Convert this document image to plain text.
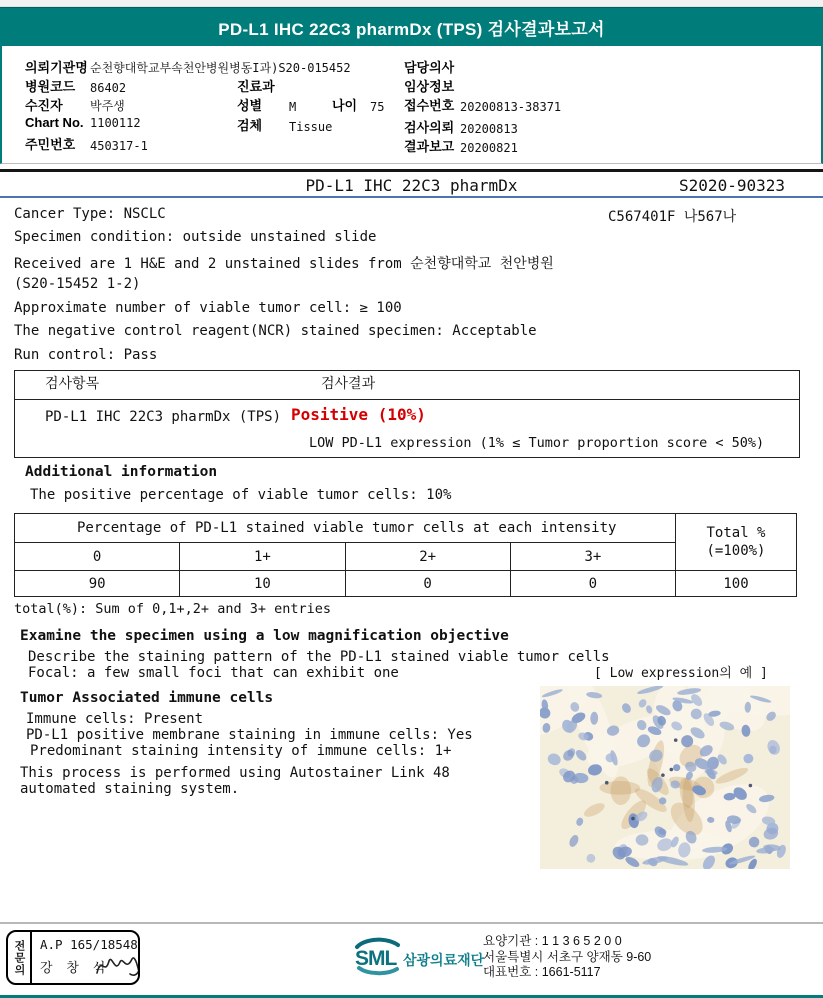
PD-L1 IHC 22C3 pharmDx (TPS) 검사결과보고서
의뢰기관명 순천향대학교부속천안병원병동I과)S20-015452
병원코드 86402
수진자 박주생
Chart No. 1100112
주민번호 450317-1
진료과
성별 M	나이 75
검체 Tissue
담당의사
임상정보
접수번호 20200813-38371
검사의뢰 20200813
결과보고 20200821
PD-L1 IHC 22C3 pharmDx	S2020-90323
Cancer Type: NSCLC	C567401F 나567나
Specimen condition: outside unstained slide
Received are 1 H&E and 2 unstained slides from 순천향대학교 천안병원
(S20-15452 1-2)
Approximate number of viable tumor cell: ≥ 100
The negative control reagent(NCR) stained specimen: Acceptable
Run control: Pass
검사항목	검사결과
PD-L1 IHC 22C3 pharmDx (TPS) Positive (10%)
LOW PD-L1 expression (1% ≤ Tumor proportion score < 50%)
Additional information
The positive percentage of viable tumor cells: 10%
Percentage of PD-L1 stained viable tumor cells at each intensity	Total %
(=100%)
0	1+	2+	3+
90	10	0	0	100
total(%): Sum of 0,1+,2+ and 3+ entries
Examine the specimen using a low magnification objective
Describe the staining pattern of the PD-L1 stained viable tumor cells
Focal: a few small foci that can exhibit one	[ Low expression의 예 ]
Tumor Associated immune cells
Immune cells: Present
PD-L1 positive membrane staining in immune cells: Yes
Predominant staining intensity of immune cells: 1+
This process is performed using Autostainer Link 48
automated staining system.
전문의	A.P 165/18548
강 창 석	SML 삼광의료재단
요양기관 : 1 1 3 6 5 2 0 0
서울특별시 서초구 양재동 9-60
대표번호 : 1661-5117
